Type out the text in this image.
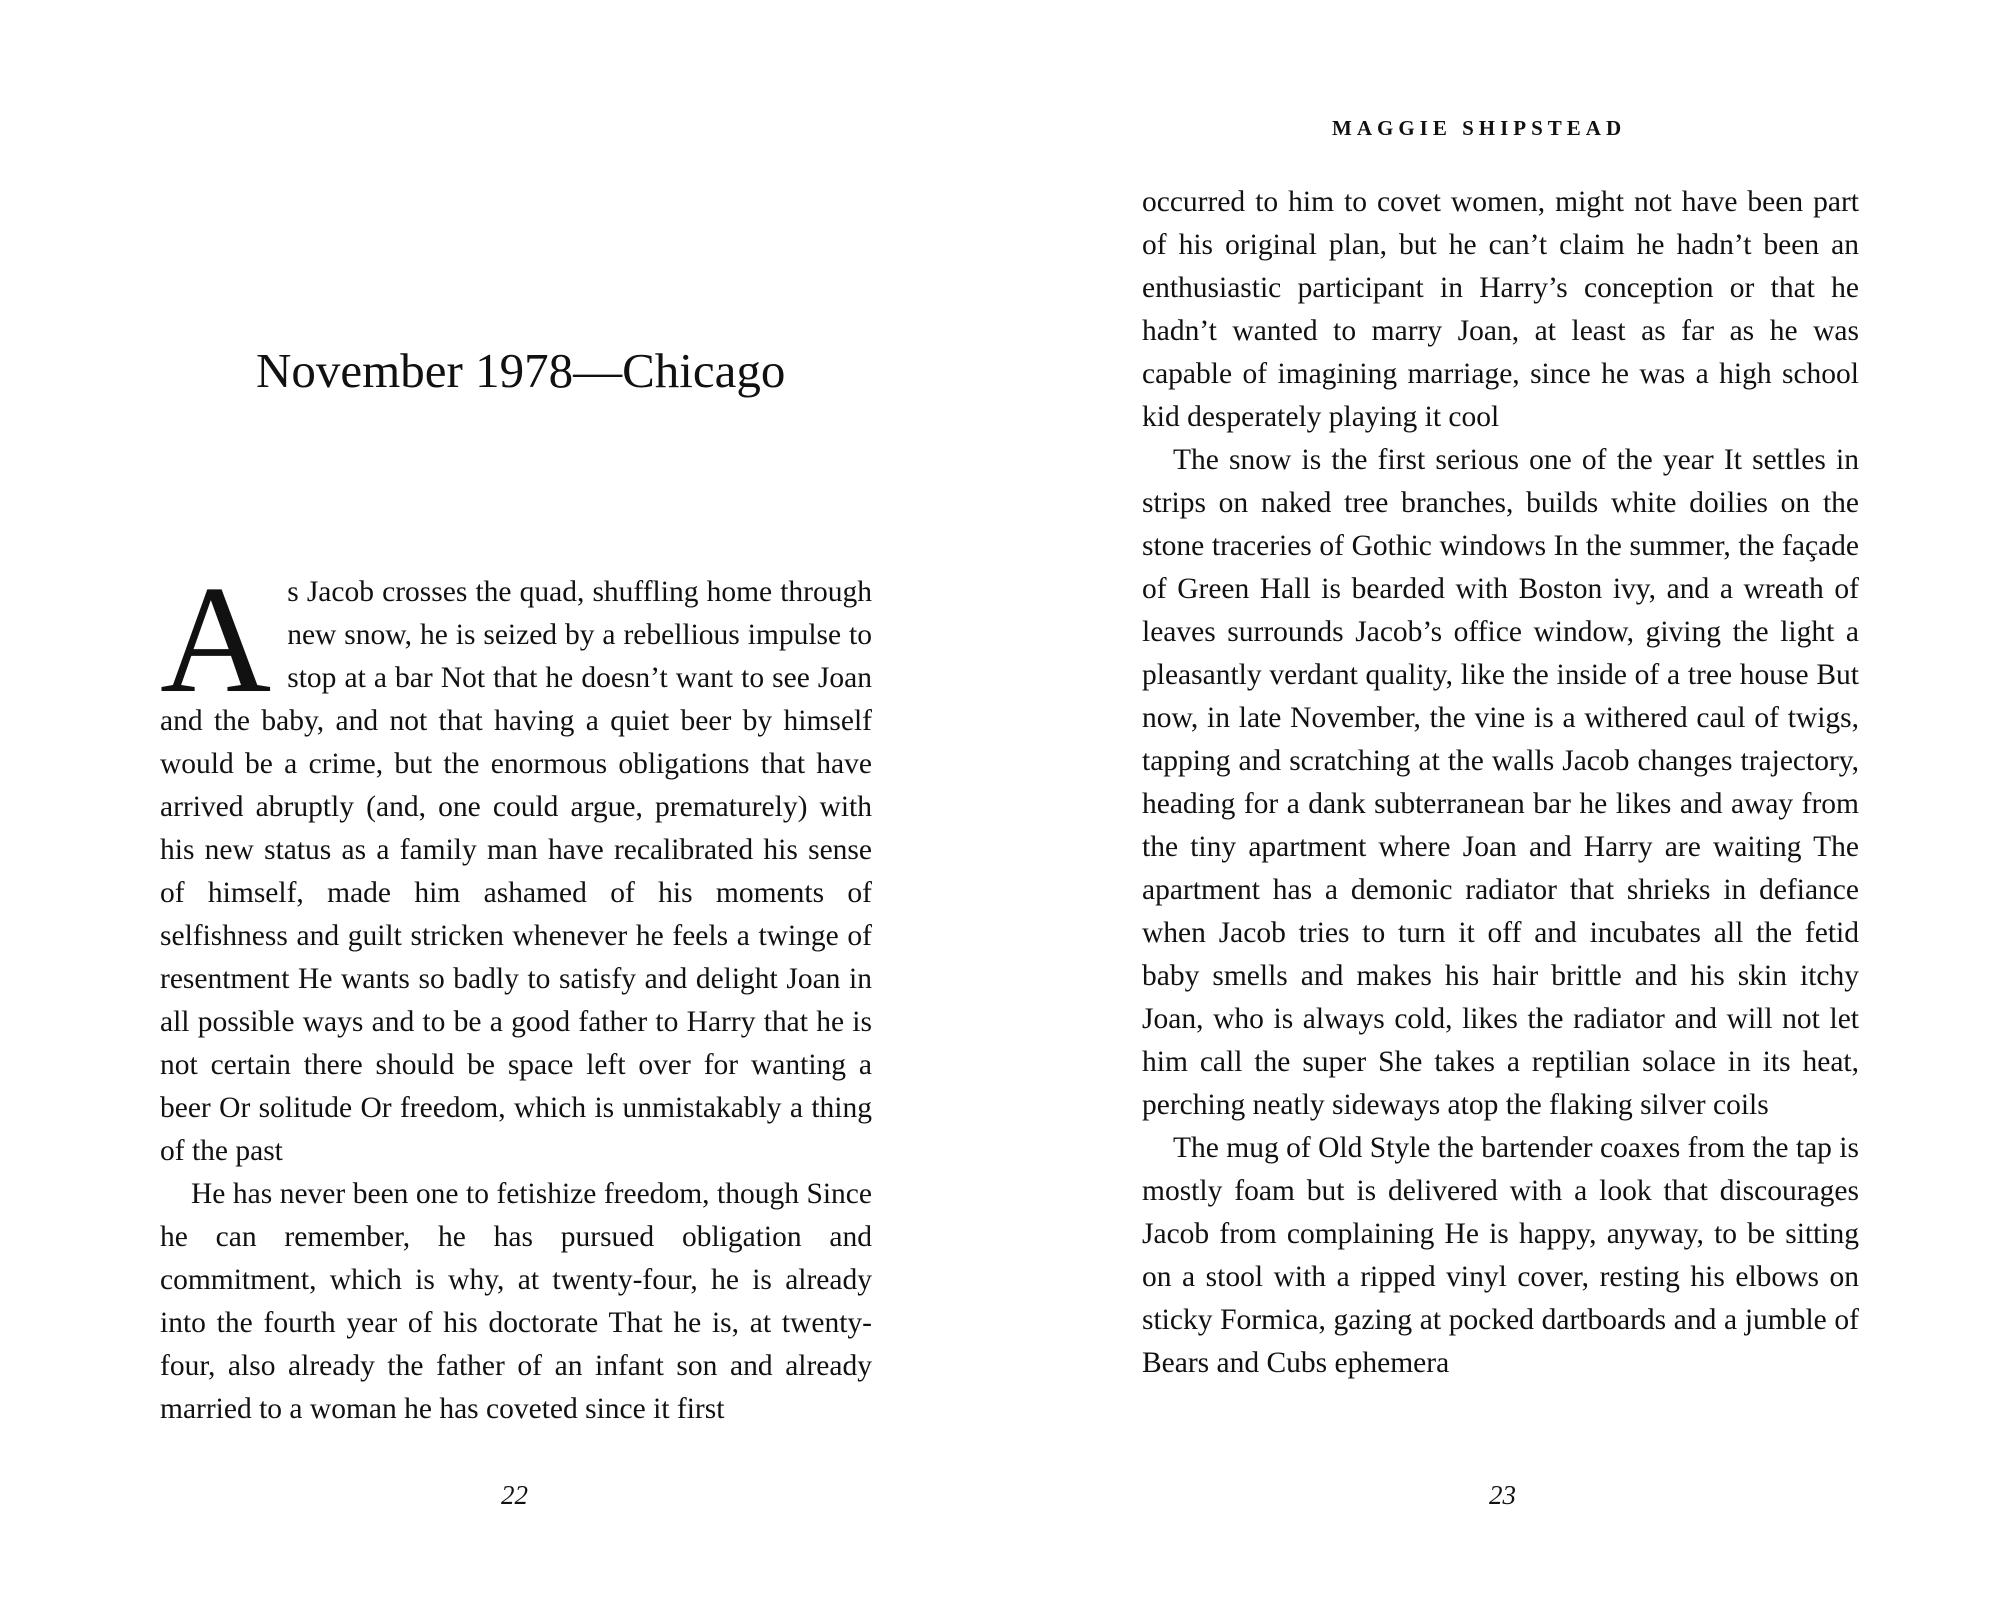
November 1978—Chicago

As Jacob crosses the quad, shuffling home through new snow, he is seized by a rebellious impulse to stop at a bar Not that he doesn’t want to see Joan and the baby, and not that having a quiet beer by himself would be a crime, but the enormous obligations that have arrived abruptly (and, one could argue, prematurely) with his new status as a family man have recalibrated his sense of himself, made him ashamed of his moments of selfishness and guilt stricken whenever he feels a twinge of resentment He wants so badly to satisfy and delight Joan in all possible ways and to be a good father to Harry that he is not certain there should be space left over for wanting a beer Or solitude Or freedom, which is unmistakably a thing of the past

He has never been one to fetishize freedom, though Since he can remember, he has pursued obligation and commitment, which is why, at twenty-four, he is already into the fourth year of his doctorate That he is, at twenty-four, also already the father of an infant son and already married to a woman he has coveted since it first

22
MAGGIE SHIPSTEAD

occurred to him to covet women, might not have been part of his original plan, but he can’t claim he hadn’t been an enthusiastic participant in Harry’s conception or that he hadn’t wanted to marry Joan, at least as far as he was capable of imagining marriage, since he was a high school kid desperately playing it cool

The snow is the first serious one of the year It settles in strips on naked tree branches, builds white doilies on the stone traceries of Gothic windows In the summer, the façade of Green Hall is bearded with Boston ivy, and a wreath of leaves surrounds Jacob’s office window, giving the light a pleasantly verdant quality, like the inside of a tree house But now, in late November, the vine is a withered caul of twigs, tapping and scratching at the walls Jacob changes trajectory, heading for a dank subterranean bar he likes and away from the tiny apartment where Joan and Harry are waiting The apartment has a demonic radiator that shrieks in defiance when Jacob tries to turn it off and incubates all the fetid baby smells and makes his hair brittle and his skin itchy Joan, who is always cold, likes the radiator and will not let him call the super She takes a reptilian solace in its heat, perching neatly sideways atop the flaking silver coils

The mug of Old Style the bartender coaxes from the tap is mostly foam but is delivered with a look that discourages Jacob from complaining He is happy, anyway, to be sitting on a stool with a ripped vinyl cover, resting his elbows on sticky Formica, gazing at pocked dartboards and a jumble of Bears and Cubs ephemera

23
